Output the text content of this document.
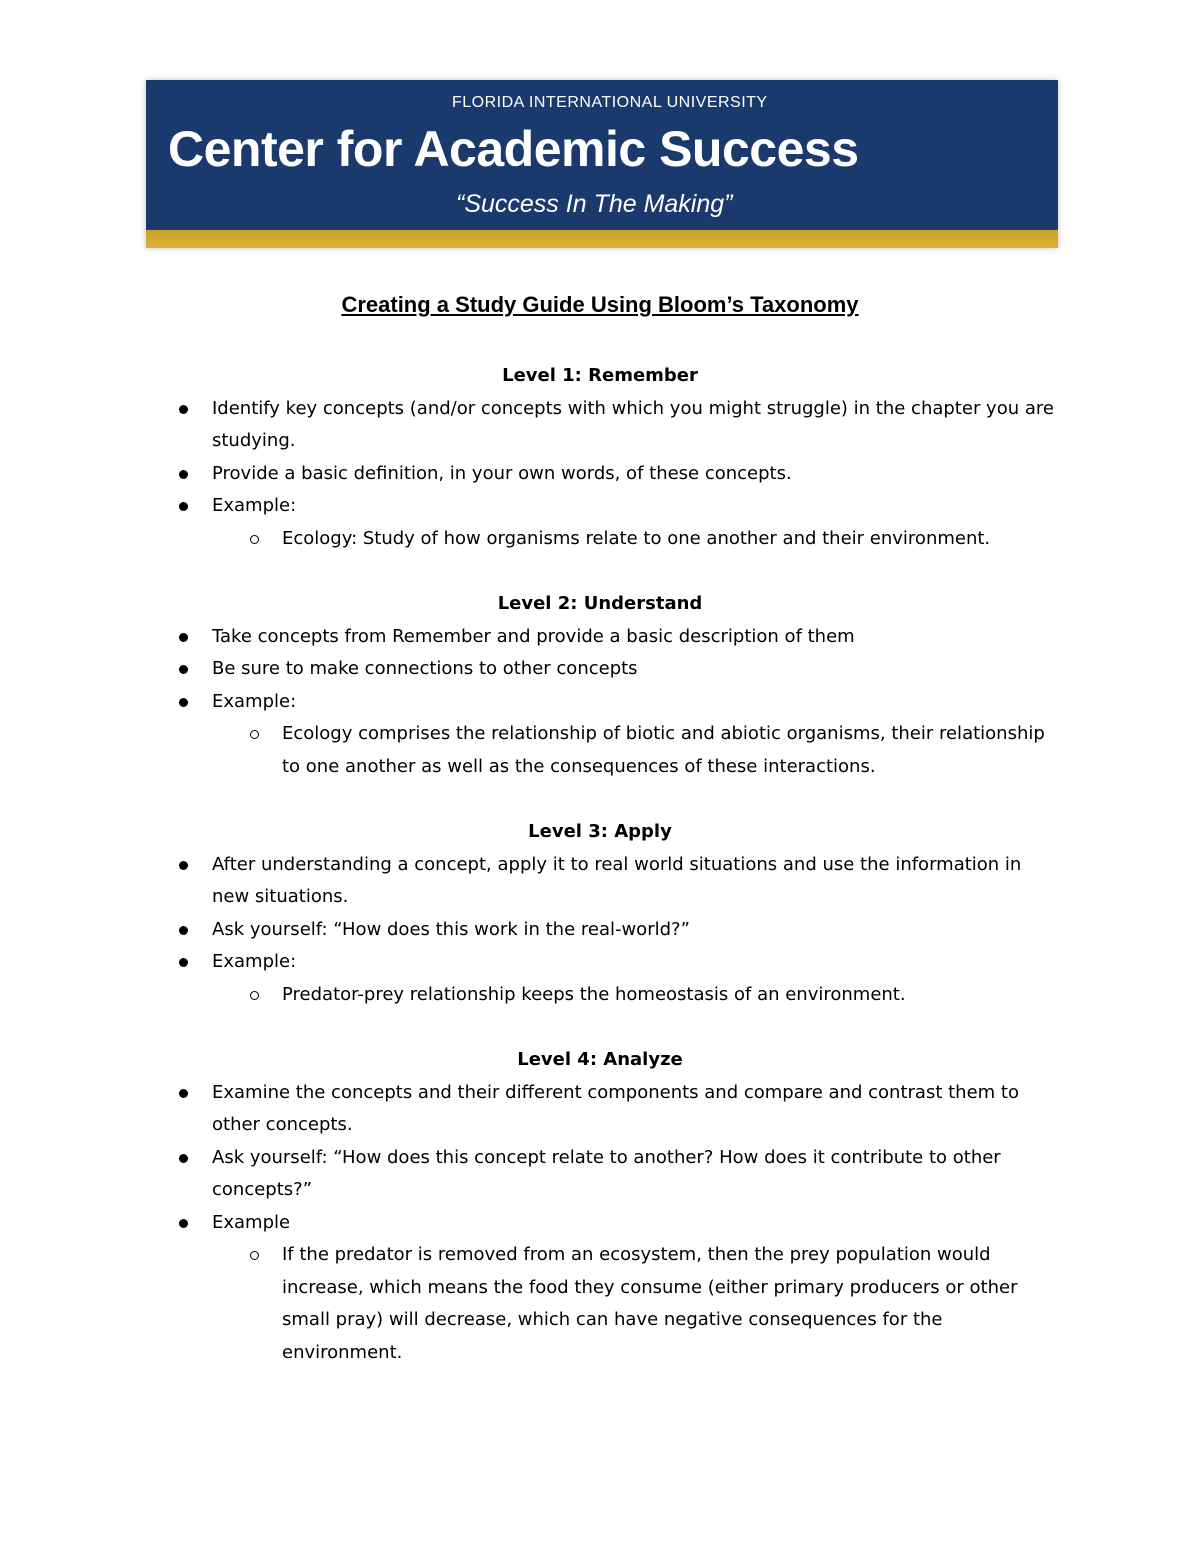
FLORIDA INTERNATIONAL UNIVERSITY
Center for Academic Success
“Success In The Making”
Creating a Study Guide Using Bloom’s Taxonomy

Level 1: Remember

Identify key concepts (and/or concepts with which you might struggle) in the chapter you are studying.
Provide a basic definition, in your own words, of these concepts.
Example:
Ecology: Study of how organisms relate to one another and their environment.

Level 2: Understand

Take concepts from Remember and provide a basic description of them
Be sure to make connections to other concepts
Example:
Ecology comprises the relationship of biotic and abiotic organisms, their relationship to one another as well as the consequences of these interactions.

Level 3: Apply

After understanding a concept, apply it to real world situations and use the information in new situations.
Ask yourself: “How does this work in the real-world?”
Example:
Predator-prey relationship keeps the homeostasis of an environment.

Level 4: Analyze

Examine the concepts and their different components and compare and contrast them to other concepts.
Ask yourself: “How does this concept relate to another? How does it contribute to other concepts?”
Example
If the predator is removed from an ecosystem, then the prey population would increase, which means the food they consume (either primary producers or other small pray) will decrease, which can have negative consequences for the environment.
